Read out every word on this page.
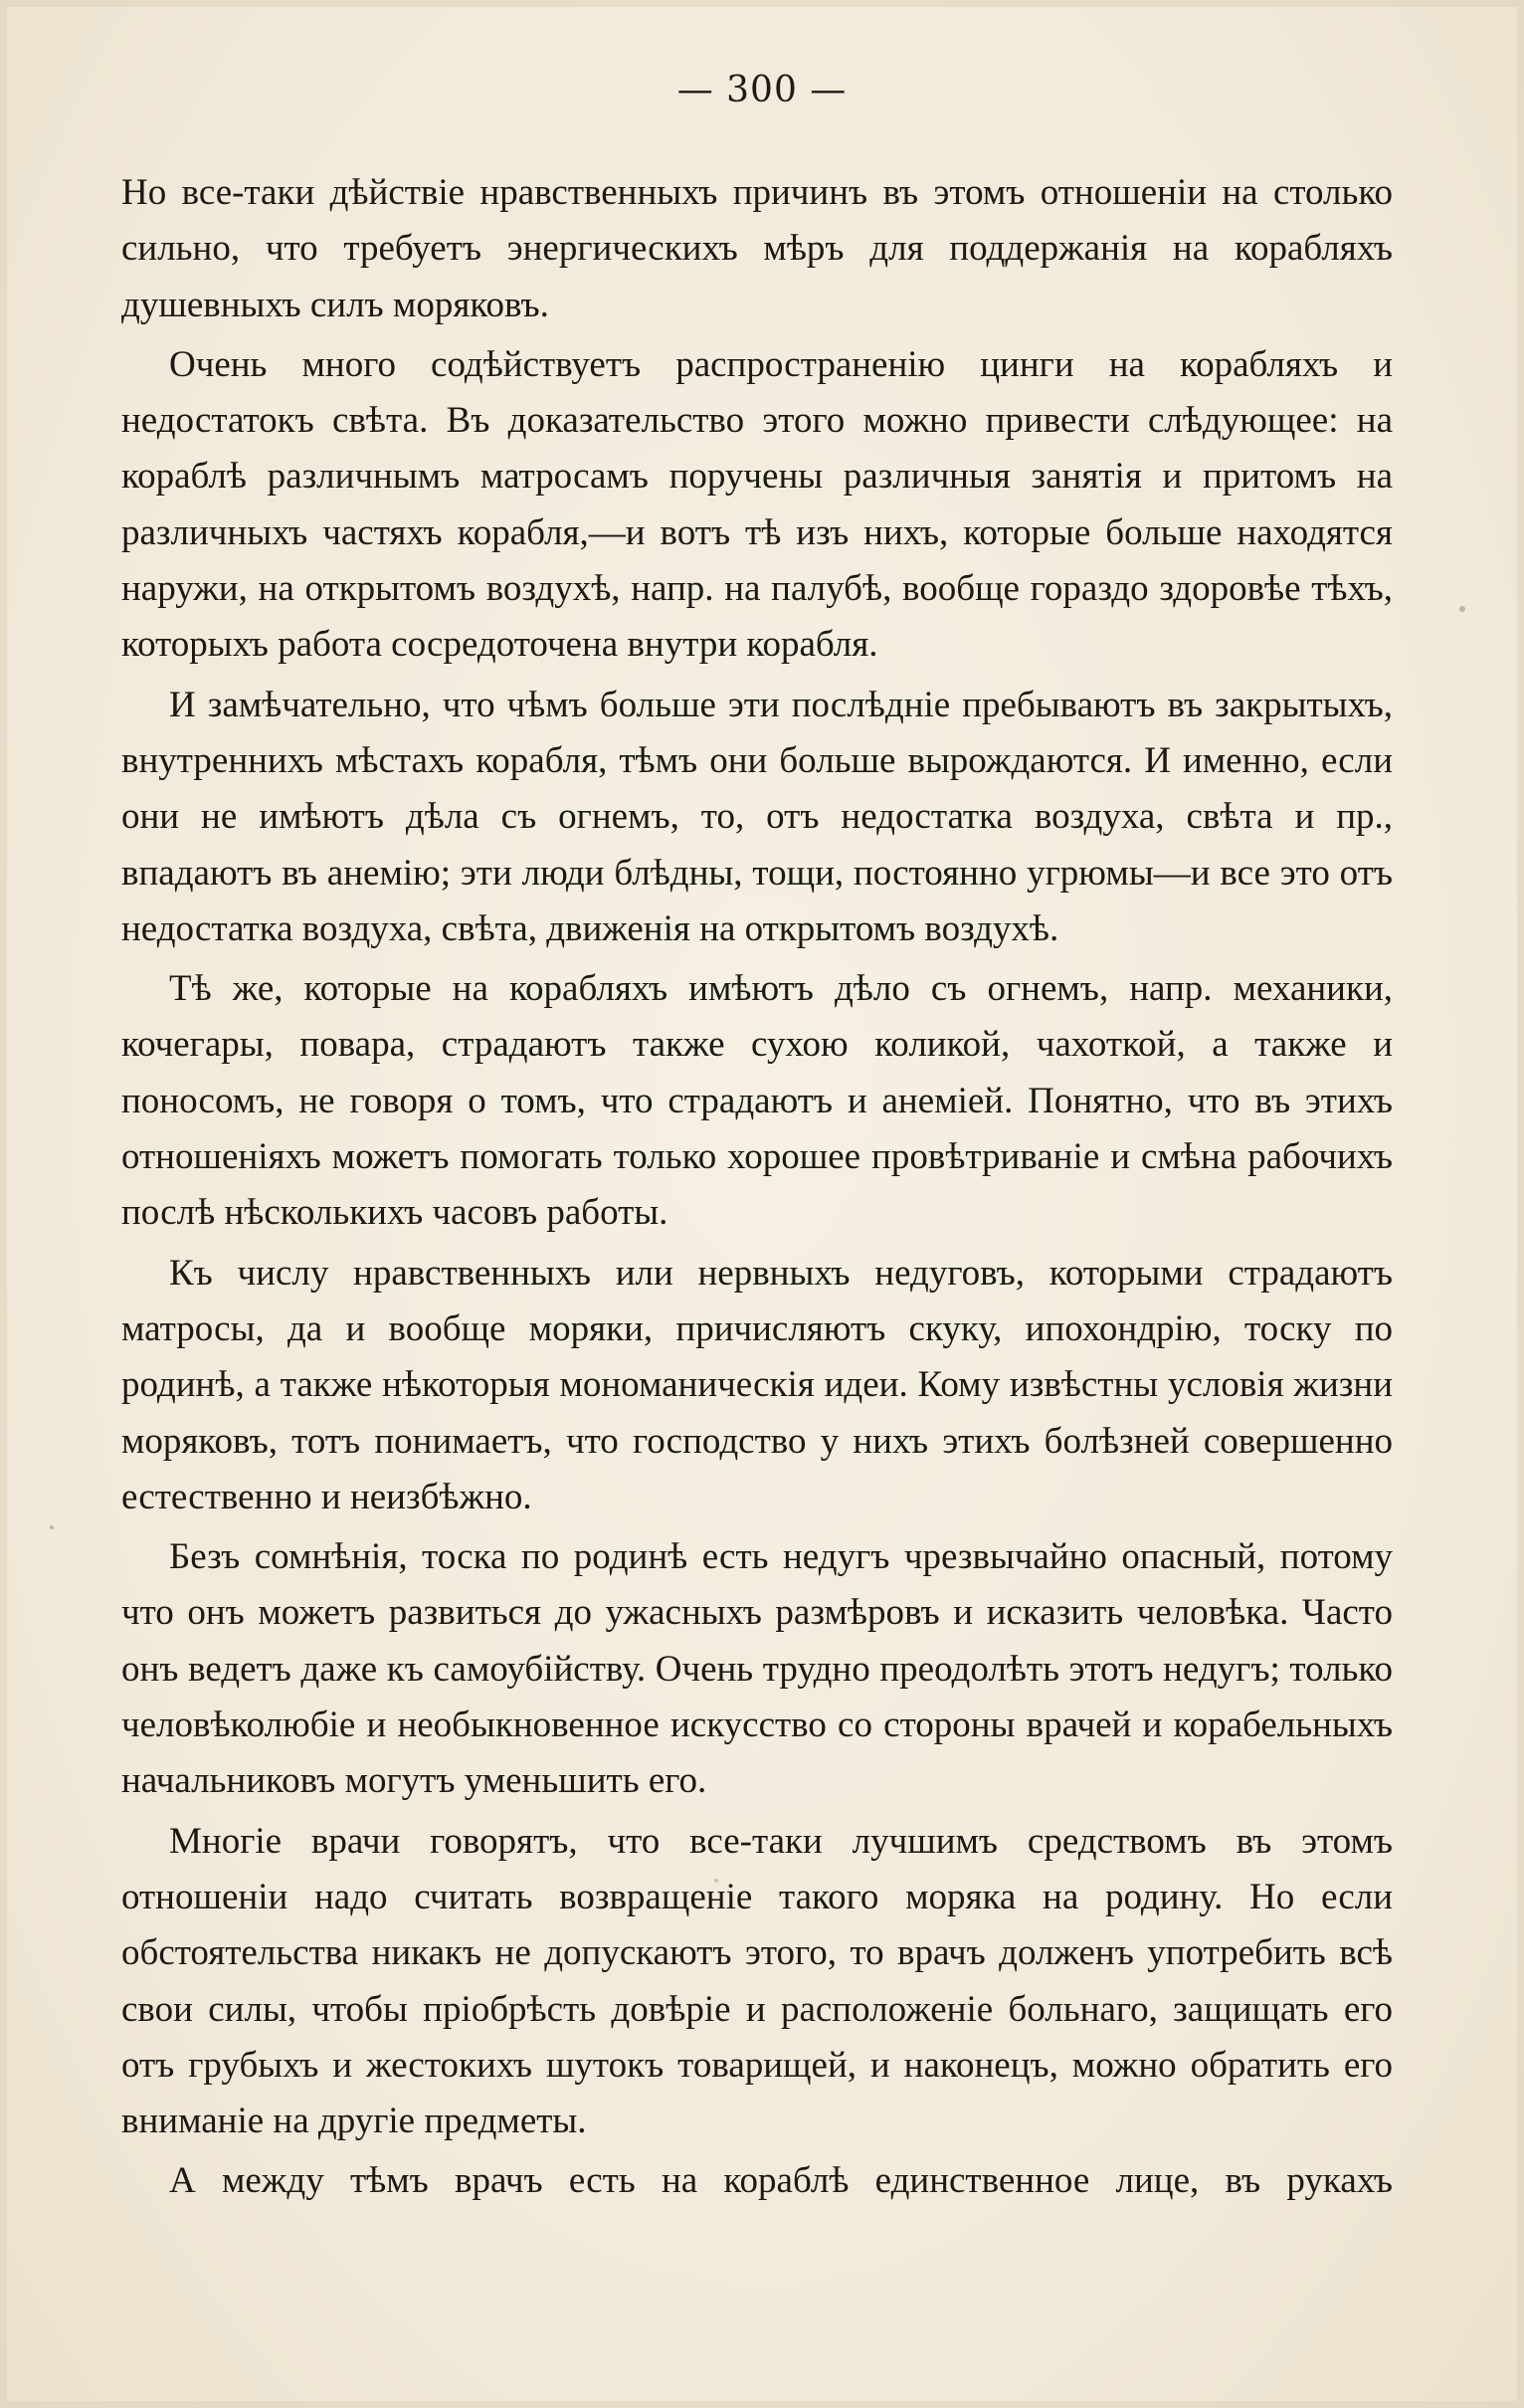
— 300 —

Но все-таки дѣйствіе нравственныхъ причинъ въ этомъ отношеніи на столько сильно, что требуетъ энергическихъ мѣръ для поддержанія на корабляхъ душевныхъ силъ моряковъ.

Очень много содѣйствуетъ распространенію цинги на корабляхъ и недостатокъ свѣта. Въ доказательство этого можно привести слѣдующее: на кораблѣ различнымъ матросамъ поручены различныя занятія и притомъ на различныхъ частяхъ корабля,—и вотъ тѣ изъ нихъ, которые больше находятся наружи, на открытомъ воздухѣ, напр. на палубѣ, вообще гораздо здоровѣе тѣхъ, которыхъ работа сосредоточена внутри корабля.

И замѣчательно, что чѣмъ больше эти послѣдніе пребываютъ въ закрытыхъ, внутреннихъ мѣстахъ корабля, тѣмъ они больше вырождаются. И именно, если они не имѣютъ дѣла съ огнемъ, то, отъ недостатка воздуха, свѣта и пр., впадаютъ въ анемію; эти люди блѣдны, тощи, постоянно угрюмы—и все это отъ недостатка воздуха, свѣта, движенія на открытомъ воздухѣ.

Тѣ же, которые на корабляхъ имѣютъ дѣло съ огнемъ, напр. механики, кочегары, повара, страдаютъ также сухою коликой, чахоткой, а также и поносомъ, не говоря о томъ, что страдаютъ и анеміей. Понятно, что въ этихъ отношеніяхъ можетъ помогать только хорошее провѣтриваніе и смѣна рабочихъ послѣ нѣсколькихъ часовъ работы.

Къ числу нравственныхъ или нервныхъ недуговъ, которыми страдаютъ матросы, да и вообще моряки, причисляютъ скуку, ипохондрію, тоску по родинѣ, а также нѣкоторыя мономаническія идеи. Кому извѣстны условія жизни моряковъ, тотъ понимаетъ, что господство у нихъ этихъ болѣзней совершенно естественно и неизбѣжно.

Безъ сомнѣнія, тоска по родинѣ есть недугъ чрезвычайно опасный, потому что онъ можетъ развиться до ужасныхъ размѣровъ и исказить человѣка. Часто онъ ведетъ даже къ самоубійству. Очень трудно преодолѣть этотъ недугъ; только человѣколюбіе и необыкновенное искусство со стороны врачей и корабельныхъ начальниковъ могутъ уменьшить его.

Многіе врачи говорятъ, что все-таки лучшимъ средствомъ въ этомъ отношеніи надо считать возвращеніе такого моряка на родину. Но если обстоятельства никакъ не допускаютъ этого, то врачъ долженъ употребить всѣ свои силы, чтобы пріобрѣсть довѣріе и расположеніе больнаго, защищать его отъ грубыхъ и жестокихъ шутокъ товарищей, и наконецъ, можно обратить его вниманіе на другіе предметы.

А между тѣмъ врачъ есть на кораблѣ единственное лице, въ рукахъ
